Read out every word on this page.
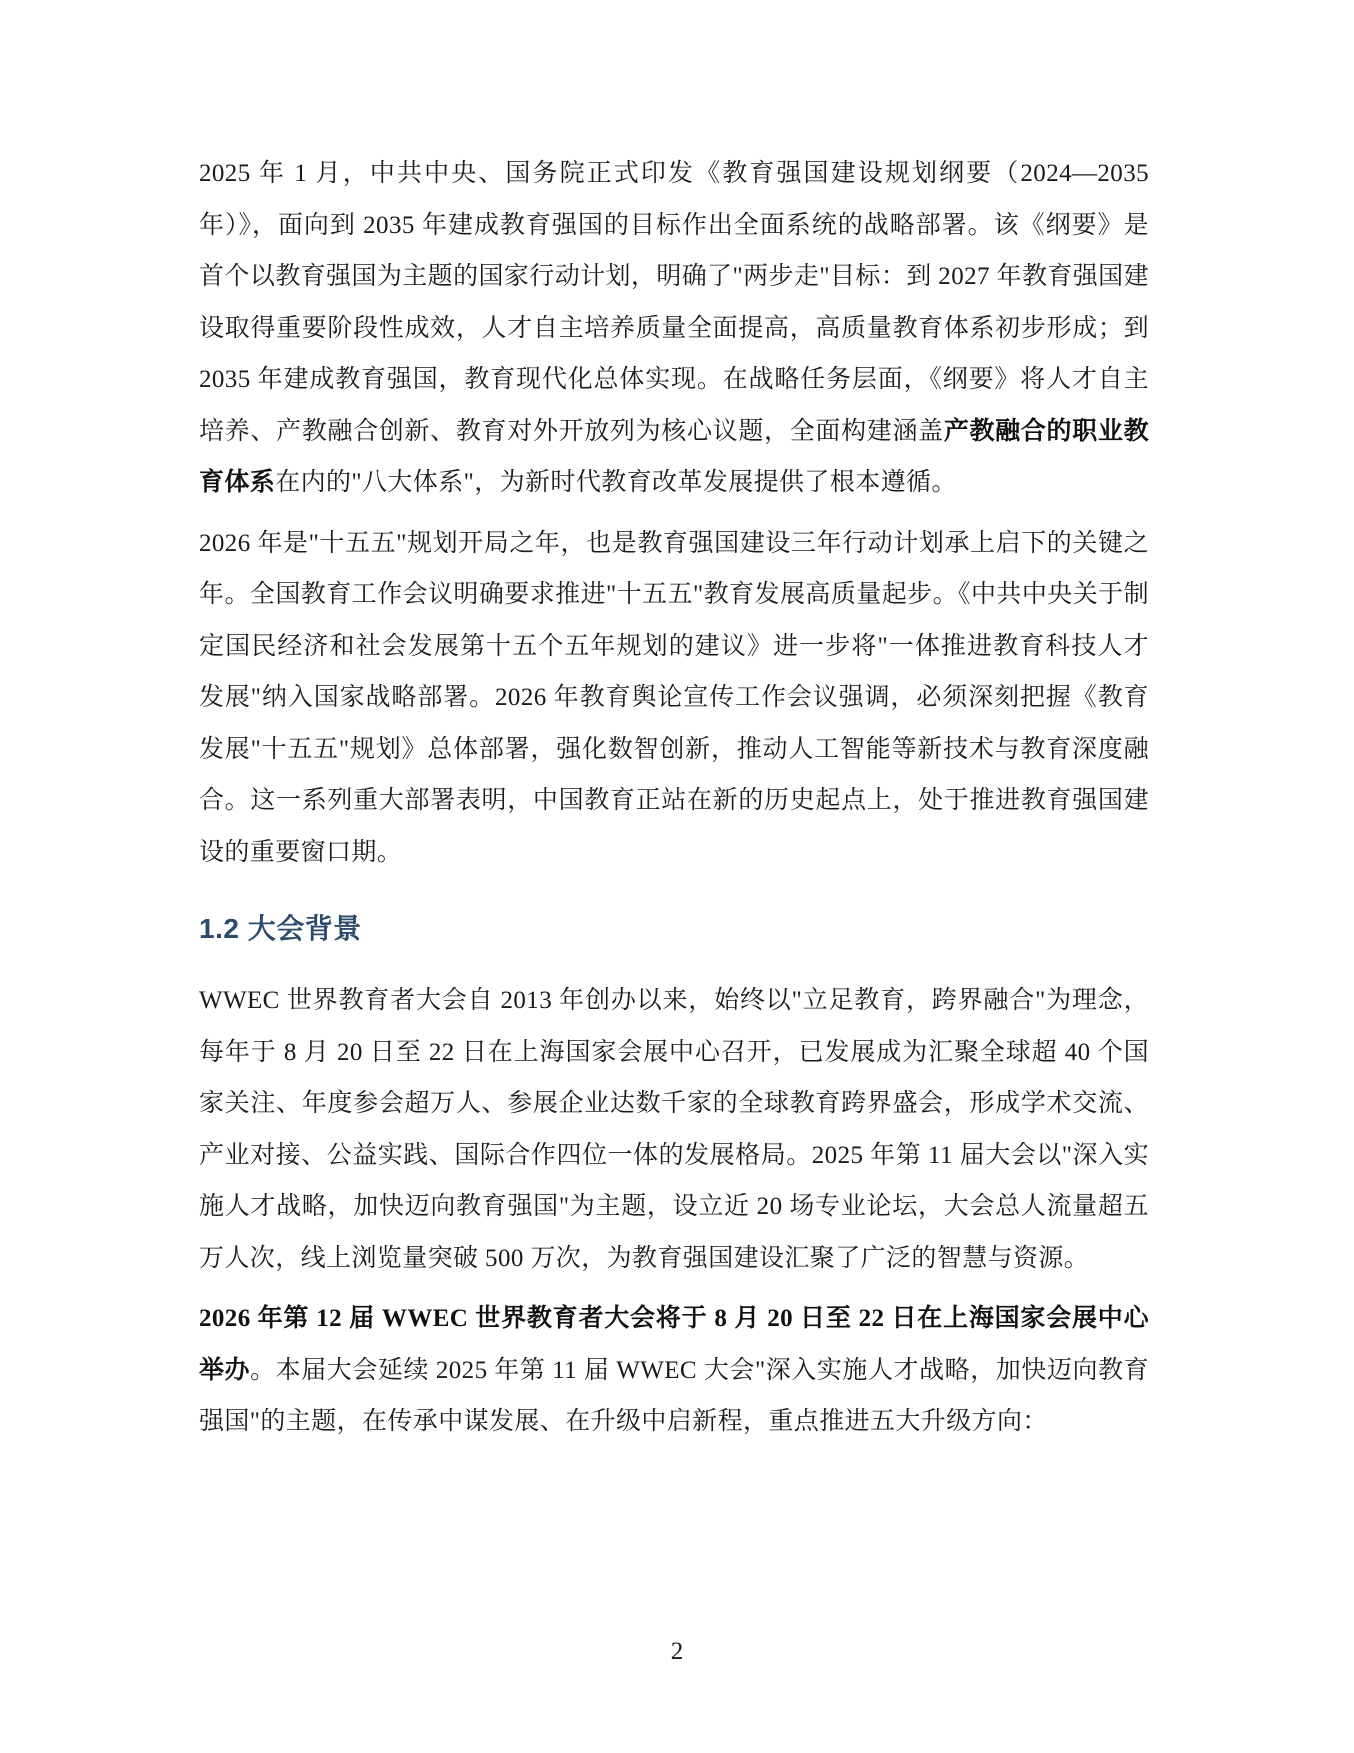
2025 年 1 月，中共中央、国务院正式印发《教育强国建设规划纲要（2024—2035 年）》，面向到 2035 年建成教育强国的目标作出全面系统的战略部署。该《纲要》是首个以教育强国为主题的国家行动计划，明确了"两步走"目标：到 2027 年教育强国建设取得重要阶段性成效，人才自主培养质量全面提高，高质量教育体系初步形成；到 2035 年建成教育强国，教育现代化总体实现。在战略任务层面，《纲要》将人才自主培养、产教融合创新、教育对外开放列为核心议题，全面构建涵盖产教融合的职业教育体系在内的"八大体系"，为新时代教育改革发展提供了根本遵循。

2026 年是"十五五"规划开局之年，也是教育强国建设三年行动计划承上启下的关键之年。全国教育工作会议明确要求推进"十五五"教育发展高质量起步。《中共中央关于制定国民经济和社会发展第十五个五年规划的建议》进一步将"一体推进教育科技人才发展"纳入国家战略部署。2026 年教育舆论宣传工作会议强调，必须深刻把握《教育发展"十五五"规划》总体部署，强化数智创新，推动人工智能等新技术与教育深度融合。这一系列重大部署表明，中国教育正站在新的历史起点上，处于推进教育强国建设的重要窗口期。

1.2 大会背景

WWEC 世界教育者大会自 2013 年创办以来，始终以"立足教育，跨界融合"为理念，每年于 8 月 20 日至 22 日在上海国家会展中心召开，已发展成为汇聚全球超 40 个国家关注、年度参会超万人、参展企业达数千家的全球教育跨界盛会，形成学术交流、产业对接、公益实践、国际合作四位一体的发展格局。2025 年第 11 届大会以"深入实施人才战略，加快迈向教育强国"为主题，设立近 20 场专业论坛，大会总人流量超五万人次，线上浏览量突破 500 万次，为教育强国建设汇聚了广泛的智慧与资源。

2026 年第 12 届 WWEC 世界教育者大会将于 8 月 20 日至 22 日在上海国家会展中心举办。本届大会延续 2025 年第 11 届 WWEC 大会"深入实施人才战略，加快迈向教育强国"的主题，在传承中谋发展、在升级中启新程，重点推进五大升级方向：

2
